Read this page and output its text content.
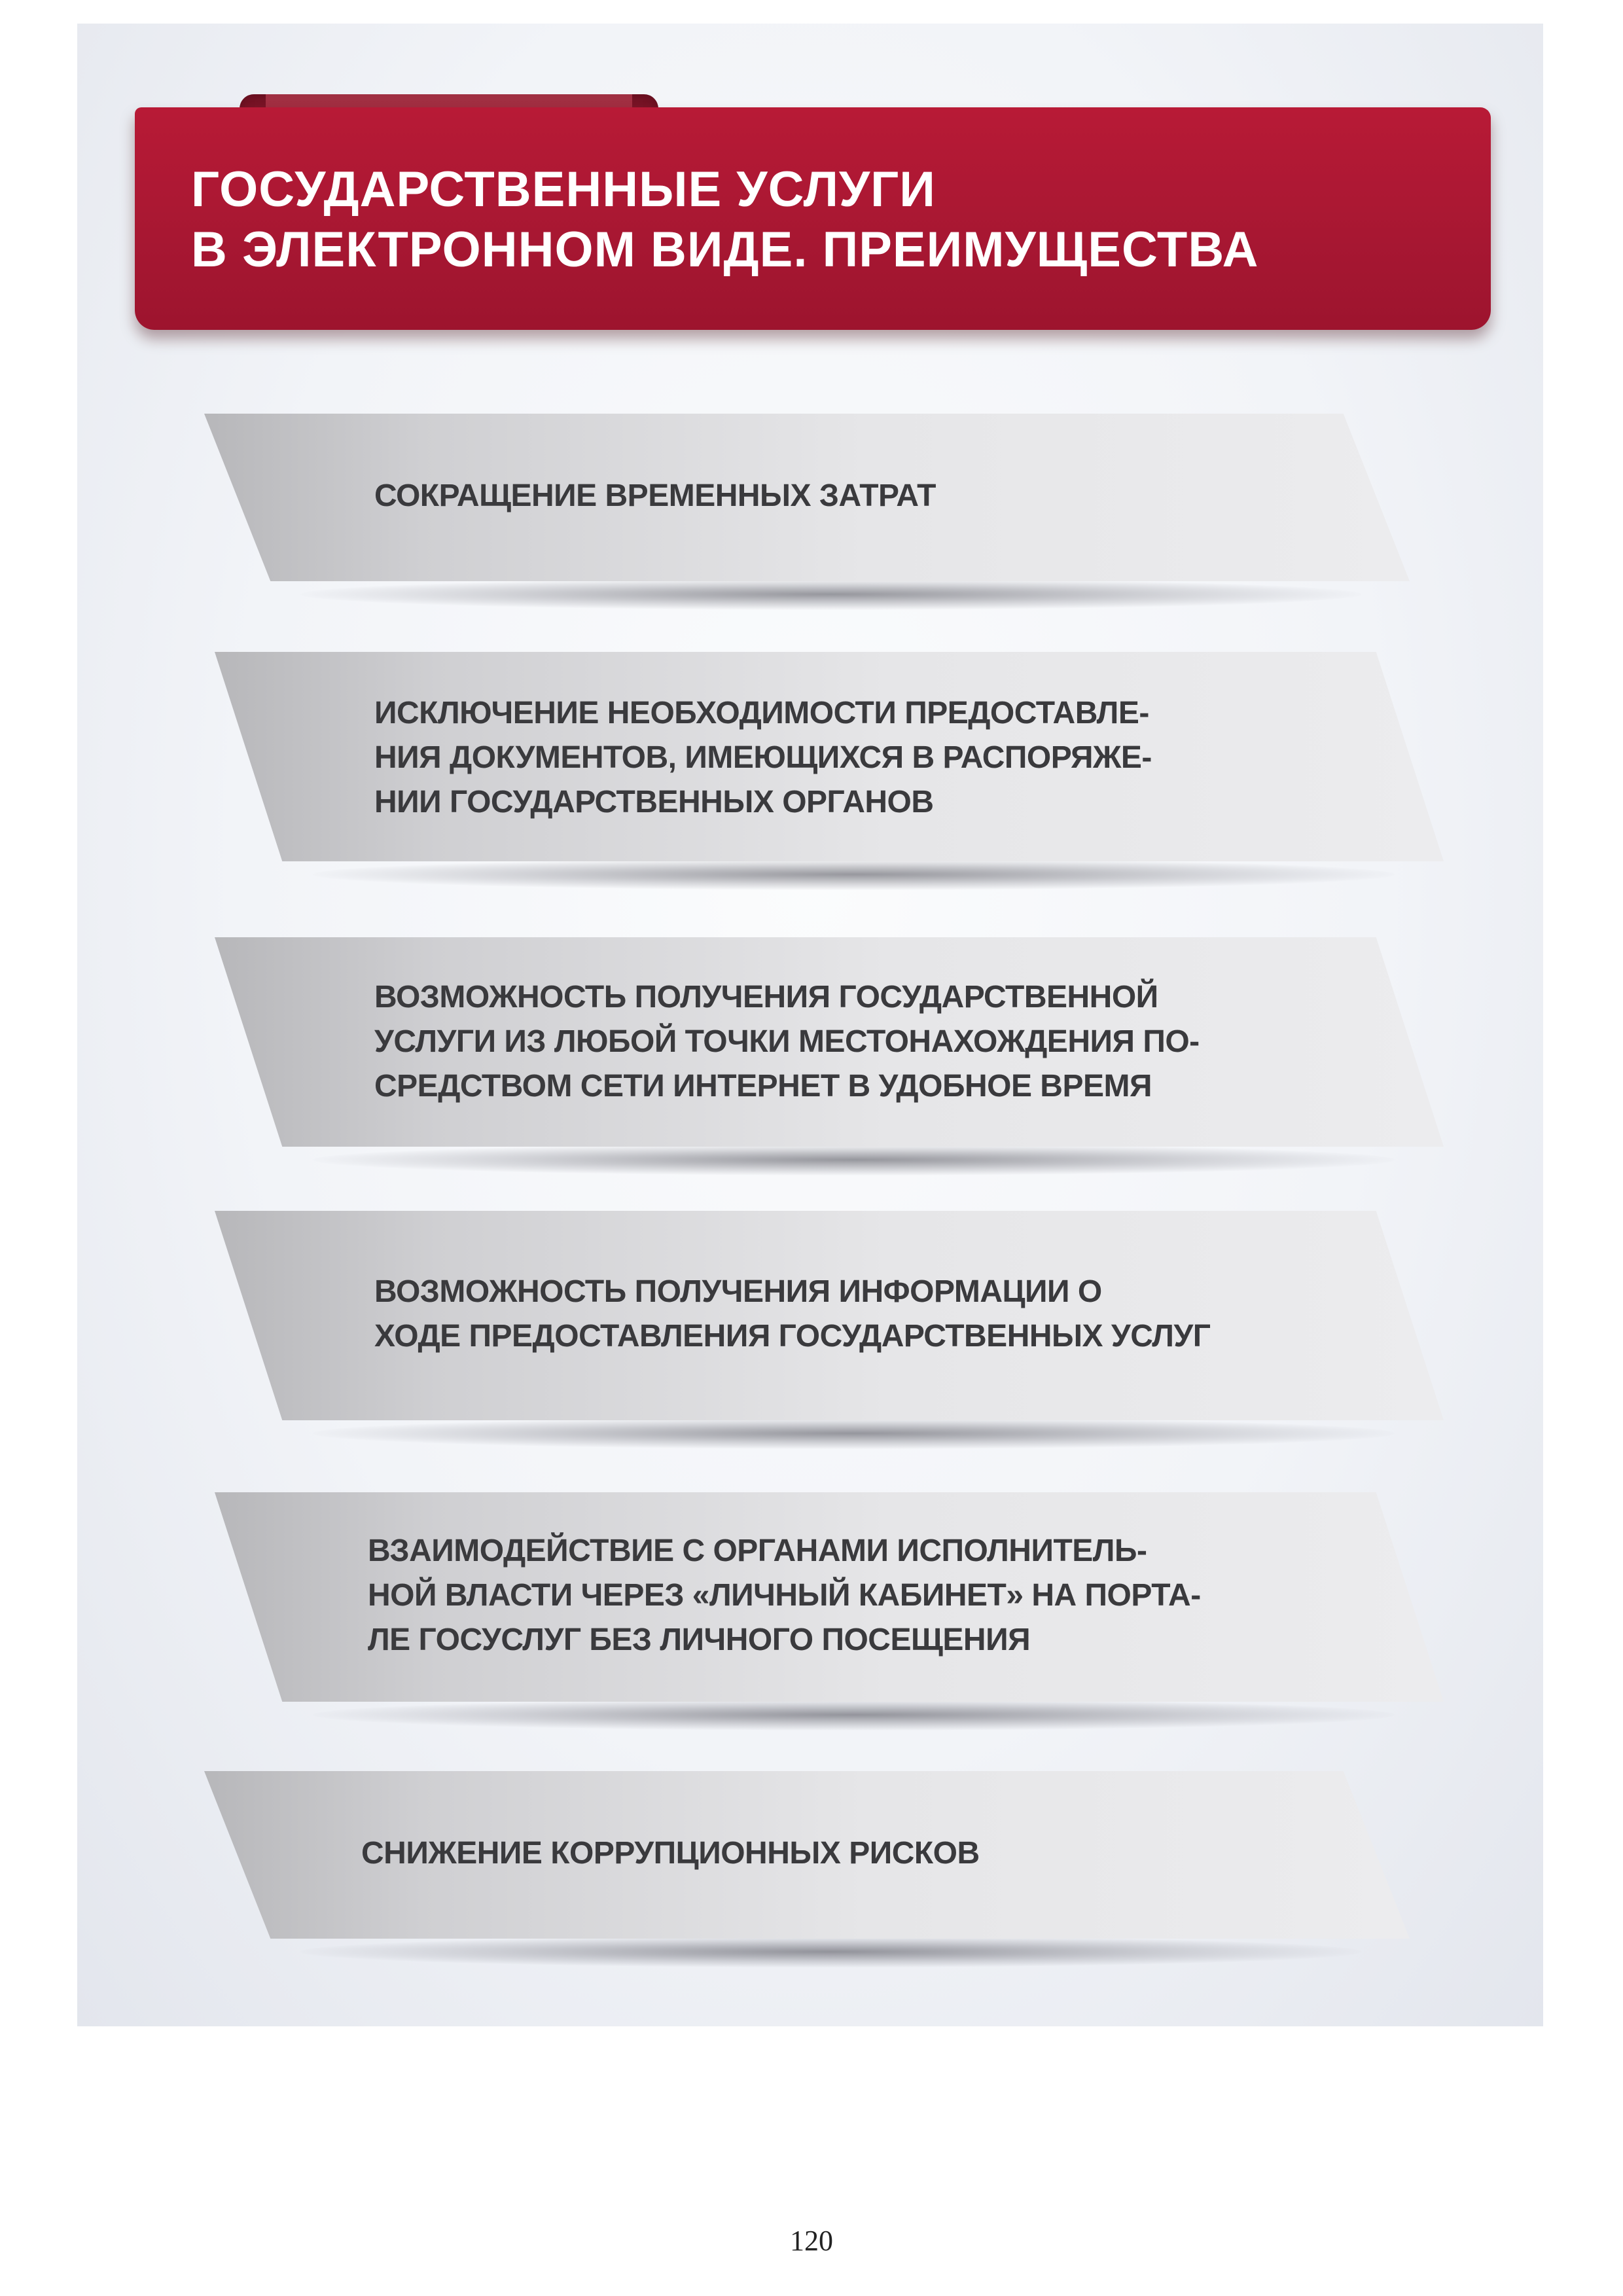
ГОСУДАРСТВЕННЫЕ УСЛУГИ
В ЭЛЕКТРОННОМ ВИДЕ. ПРЕИМУЩЕСТВА

СОКРАЩЕНИЕ ВРЕМЕННЫХ ЗАТРАТ

ИСКЛЮЧЕНИЕ НЕОБХОДИМОСТИ ПРЕДОСТАВЛЕ-
НИЯ ДОКУМЕНТОВ, ИМЕЮЩИХСЯ В РАСПОРЯЖЕ-
НИИ ГОСУДАРСТВЕННЫХ ОРГАНОВ

ВОЗМОЖНОСТЬ ПОЛУЧЕНИЯ ГОСУДАРСТВЕННОЙ
УСЛУГИ ИЗ ЛЮБОЙ ТОЧКИ МЕСТОНАХОЖДЕНИЯ ПО-
СРЕДСТВОМ СЕТИ ИНТЕРНЕТ В УДОБНОЕ ВРЕМЯ

ВОЗМОЖНОСТЬ ПОЛУЧЕНИЯ ИНФОРМАЦИИ О
ХОДЕ ПРЕДОСТАВЛЕНИЯ ГОСУДАРСТВЕННЫХ УСЛУГ

ВЗАИМОДЕЙСТВИЕ С ОРГАНАМИ ИСПОЛНИТЕЛЬ-
НОЙ ВЛАСТИ ЧЕРЕЗ «ЛИЧНЫЙ КАБИНЕТ» НА ПОРТА-
ЛЕ ГОСУСЛУГ БЕЗ ЛИЧНОГО ПОСЕЩЕНИЯ

СНИЖЕНИЕ КОРРУПЦИОННЫХ РИСКОВ

120
